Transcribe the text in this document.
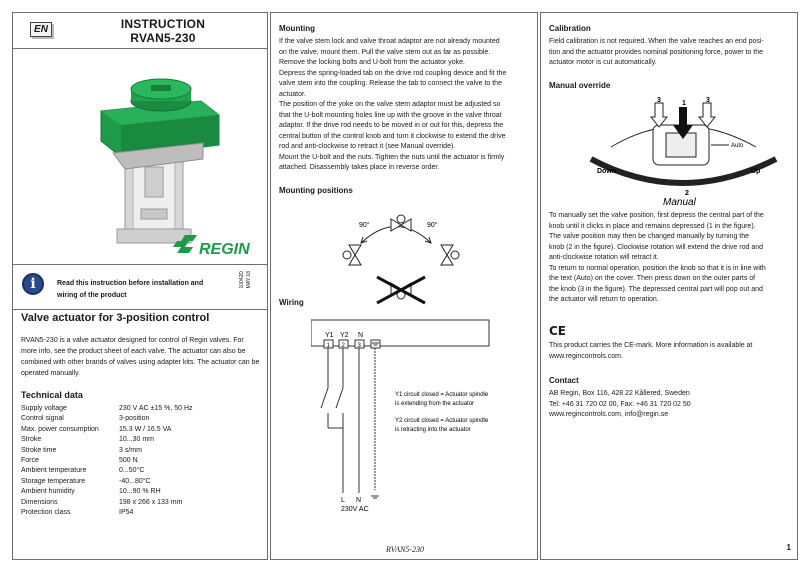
EN	INSTRUCTION
RVAN5-230
REGIN
i	Read this instruction before installation and wiring of the product
10042D MAY 18
Valve actuator for 3-position control
RVAN5-230 is a valve actuator designed for control of Regin valves. For more info, see the product sheet of each valve. The actuator can also be combined with other brands of valves using adapter kits. The actuator can be operated manually.
Technical data
Supply voltage	230 V AC ±15 %, 50 Hz
Control signal	3-position
Max. power consumption	15.3 W / 16.5 VA
Stroke	10...30 mm
Stroke time	3 s/mm
Force	500 N
Ambient temperature	0...50°C
Storage temperature	-40...80°C
Ambient humidity	10...90 % RH
Dimensions	198 x 266 x 133 mm
Protection class	IP54
Mounting
If the valve stem lock and valve throat adaptor are not already mounted
on the valve, mount them. Pull the valve stem out as far as possible.
Remove the locking bolts and U-bolt from the actuator yoke.
Depress the spring-loaded tab on the drive rod coupling device and fit the
valve stem into the coupling. Release the tab to connect the valve to the
actuator.
The position of the yoke on the valve stem adaptor must be adjusted so
that the U-bolt mounting holes line up with the groove in the valve throat
adaptor. If the drive rod needs to be moved in or out for this, depress the
central button of the control knob and turn it clockwise to extend the drive
rod and anti-clockwise to retract it (see Manual override).
Mount the U-bolt and the nuts. Tighten the nuts until the actuator is firmly
attached. Disassembly takes place in reverse order.
Mounting positions
90°	90°
Wiring
Y1 Y2 N
1 2 3
Y1 circuit closed = Actuator spindle
is extending from the actuator
Y2 circuit closed = Actuator spindle
is retracting into the actuator
L N
230V AC
RVAN5-230
Calibration
Field calibration is not required. When the valve reaches an end posi-
tion and the actuator provides nominal positioning force, power to the
actuator motor is cut automatically.
Manual override
3	1	3
2
Down	Up
Manual
Auto
To manually set the valve position, first depress the central part of the
knob until it clicks in place and remains depressed (1 in the figure).
The valve position may then be changed manually by turning the
knob (2 in the figure). Clockwise rotation will extend the drive rod and
anti-clockwise rotation will retract it.
To return to normal operation, position the knob so that it is in line with
the text (Auto) on the cover. Then press down on the outer parts of
the knob (3 in the figure). The depressed central part will pop out and
the actuator will return to operation.
CE
This product carries the CE-mark. More information is available at
www.regincontrols.com.
Contact
AB Regin, Box 116, 428 22 Kållered, Sweden
Tel: +46 31 720 02 00, Fax: +46 31 720 02 50
www.regincontrols.com, info@regin.se
1
